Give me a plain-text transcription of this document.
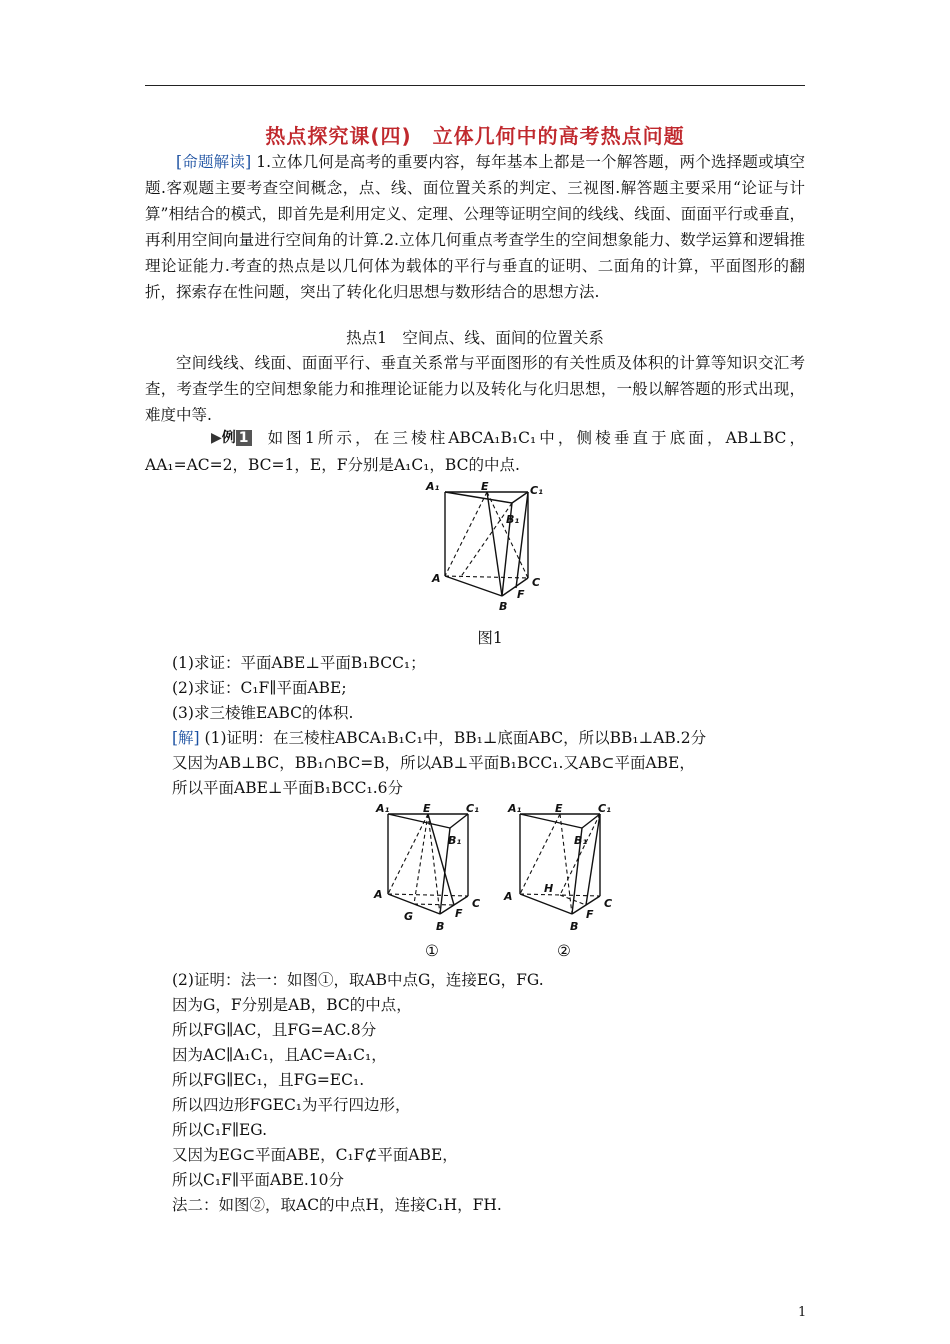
热点探究课(四)　立体几何中的高考热点问题
[命题解读] 1.立体几何是高考的重要内容，每年基本上都是一个解答题，两个选择题或填空题.客观题主要考查空间概念，点、线、面位置关系的判定、三视图.解答题主要采用“论证与计算”相结合的模式，即首先是利用定义、定理、公理等证明空间的线线、线面、面面平行或垂直，再利用空间向量进行空间角的计算.2.立体几何重点考查学生的空间想象能力、数学运算和逻辑推理论证能力.考查的热点是以几何体为载体的平行与垂直的证明、二面角的计算，平面图形的翻折，探索存在性问题，突出了转化化归思想与数形结合的思想方法.
热点1　空间点、线、面间的位置关系
空间线线、线面、面面平行、垂直关系常与平面图形的有关性质及体积的计算等知识交汇考查，考查学生的空间想象能力和推理论证能力以及转化与化归思想，一般以解答题的形式出现，难度中等.
▶例 1 如图1所示，在三棱柱ABCA₁B₁C₁中，侧棱垂直于底面，AB⊥BC，AA₁=AC=2，BC=1，E，F分别是A₁C₁，BC的中点.
A₁	E	C₁
B₁
A	C
F
B
图1
(1)求证：平面ABE⊥平面B₁BCC₁；
(2)求证：C₁F∥平面ABE;
(3)求三棱锥EABC的体积.
[解] (1)证明：在三棱柱ABCA₁B₁C₁中，BB₁⊥底面ABC，所以BB₁⊥AB.2分
又因为AB⊥BC，BB₁∩BC=B，所以AB⊥平面B₁BCC₁.又AB⊂平面ABE，
所以平面ABE⊥平面B₁BCC₁.6分
A₁	E	C₁
B₁
A
G
B
F
C
A₁	E	C₁
B₁
A
H
B
F
C
①	②
(2)证明：法一：如图①，取AB中点G，连接EG，FG.
因为G，F分别是AB，BC的中点，
所以FG∥AC，且FG=AC.8分
因为AC∥A₁C₁，且AC=A₁C₁，
所以FG∥EC₁，且FG=EC₁.
所以四边形FGEC₁为平行四边形，
所以C₁F∥EG.
又因为EG⊂平面ABE，C₁F⊄平面ABE，
所以C₁F∥平面ABE.10分
法二：如图②，取AC的中点H，连接C₁H，FH.
1
